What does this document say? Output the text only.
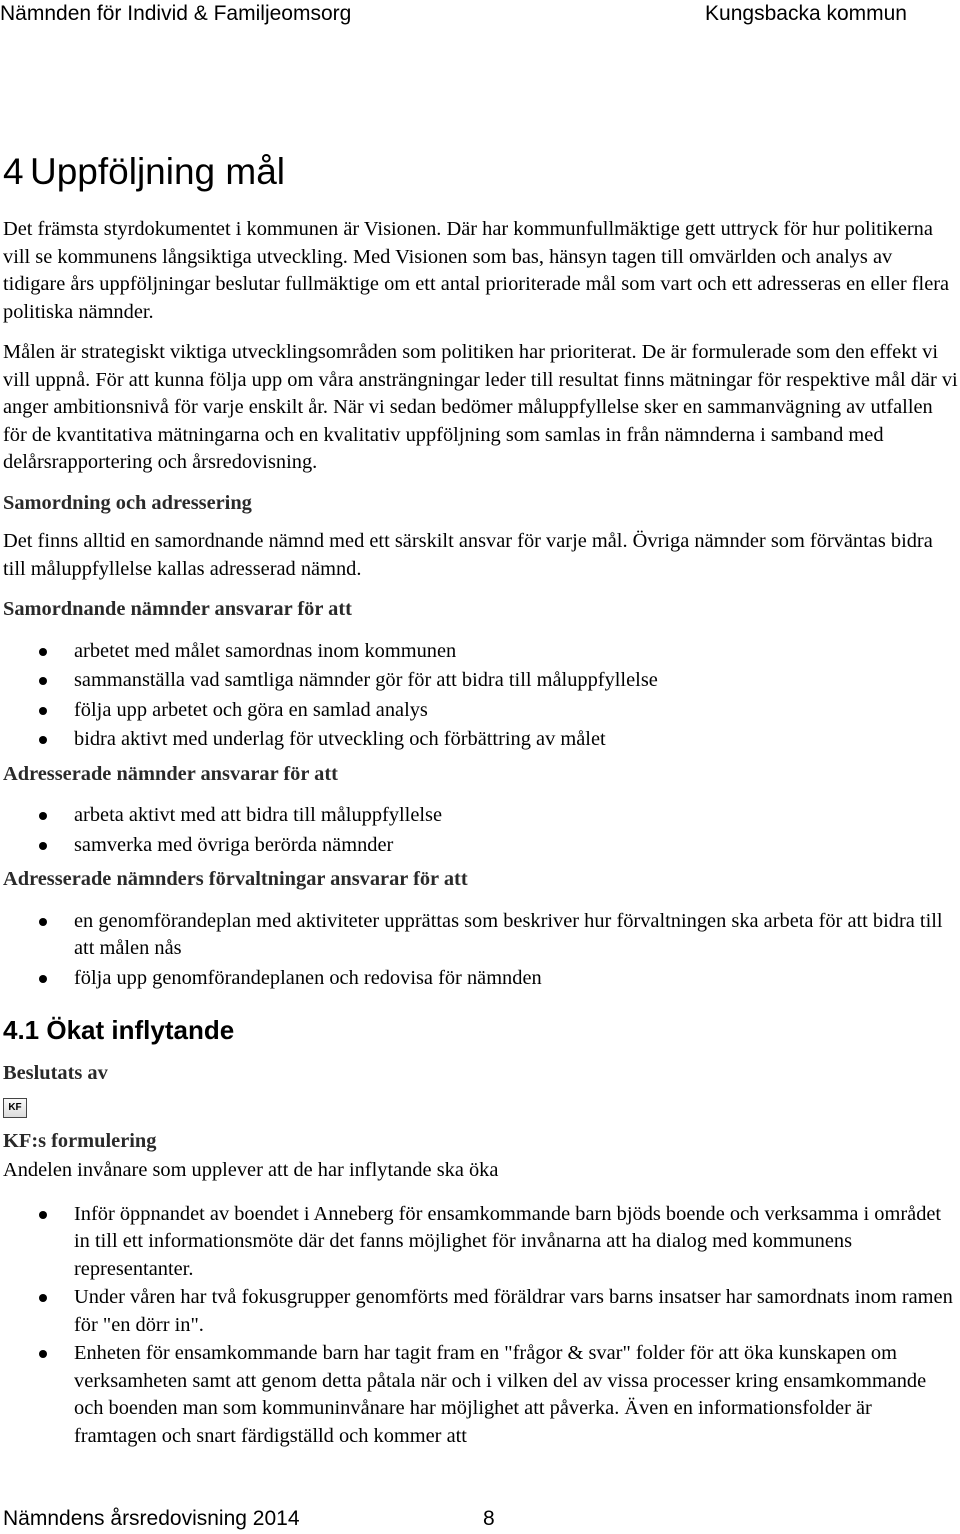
Nämnden för Individ & Familjeomsorg	Kungsbacka kommun
4 Uppföljning mål

Det främsta styrdokumentet i kommunen är Visionen. Där har kommunfullmäktige gett uttryck för hur politikerna vill se kommunens långsiktiga utveckling. Med Visionen som bas, hänsyn tagen till omvärlden och analys av tidigare års uppföljningar beslutar fullmäktige om ett antal prioriterade mål som vart och ett adresseras en eller flera politiska nämnder.

Målen är strategiskt viktiga utvecklingsområden som politiken har prioriterat. De är formulerade som den effekt vi vill uppnå. För att kunna följa upp om våra ansträngningar leder till resultat finns mätningar för respektive mål där vi anger ambitionsnivå för varje enskilt år. När vi sedan bedömer måluppfyllelse sker en sammanvägning av utfallen för de kvantitativa mätningarna och en kvalitativ uppföljning som samlas in från nämnderna i samband med delårsrapportering och årsredovisning.

Samordning och adressering

Det finns alltid en samordnande nämnd med ett särskilt ansvar för varje mål. Övriga nämnder som förväntas bidra till måluppfyllelse kallas adresserad nämnd.

Samordnande nämnder ansvarar för att
arbetet med målet samordnas inom kommunen
sammanställa vad samtliga nämnder gör för att bidra till måluppfyllelse
följa upp arbetet och göra en samlad analys
bidra aktivt med underlag för utveckling och förbättring av målet
Adresserade nämnder ansvarar för att
arbeta aktivt med att bidra till måluppfyllelse
samverka med övriga berörda nämnder
Adresserade nämnders förvaltningar ansvarar för att
en genomförandeplan med aktiviteter upprättas som beskriver hur förvaltningen ska arbeta för att bidra till att målen nås
följa upp genomförandeplanen och redovisa för nämnden
4.1 Ökat inflytande
Beslutats av
KF
KF:s formulering

Andelen invånare som upplever att de har inflytande ska öka

Inför öppnandet av boendet i Anneberg för ensamkommande barn bjöds boende och verksamma i området in till ett informationsmöte där det fanns möjlighet för invånarna att ha dialog med kommunens representanter.
Under våren har två fokusgrupper genomförts med föräldrar vars barns insatser har samordnats inom ramen för "en dörr in".
Enheten för ensamkommande barn har tagit fram en "frågor & svar" folder för att öka kunskapen om verksamheten samt att genom detta påtala när och i vilken del av vissa processer kring ensamkommande och boenden man som kommuninvånare har möjlighet att påverka. Även en informationsfolder är framtagen och snart färdigställd och kommer att
Nämndens årsredovisning 2014	8
